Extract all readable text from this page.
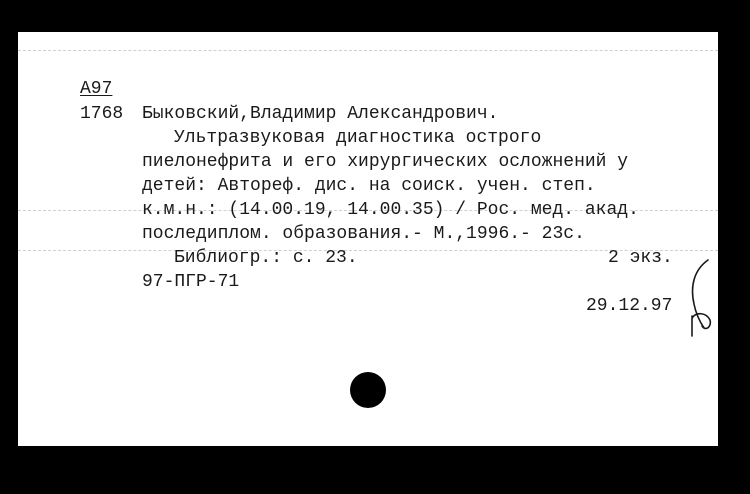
A97

1768 Быковский,Владимир Александрович.

Ультразвуковая диагностика острого

пиелонефрита и его хирургических осложнений у

детей: Автореф. дис. на соиск. учен. степ.

к.м.н.: (14.00.19, 14.00.35) / Рос. мед. акад.

последиплом. образования.- М.,1996.- 23с.

Библиогр.: с. 23.	2 экз.

97-ПГР-71

29.12.97
